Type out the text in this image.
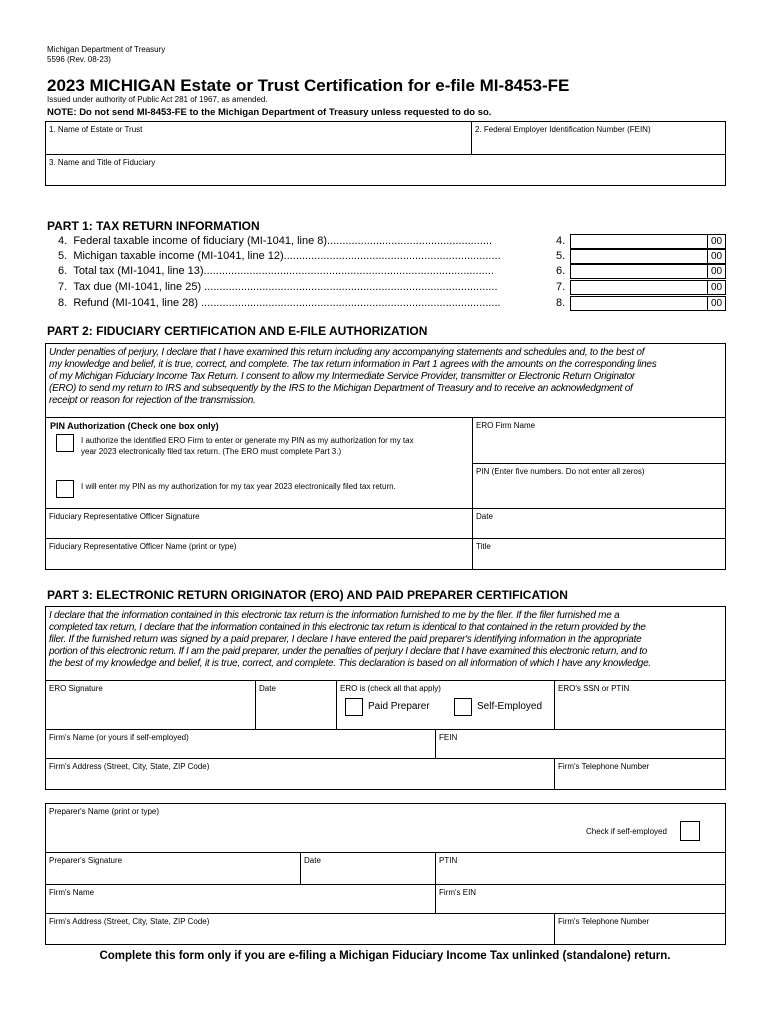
Michigan Department of Treasury
5596 (Rev. 08-23)
2023 MICHIGAN Estate or Trust Certification for e-file MI-8453-FE
Issued under authority of Public Act 281 of 1967, as amended.
NOTE: Do not send MI-8453-FE to the Michigan Department of Treasury unless requested to do so.
1. Name of Estate or Trust	2. Federal Employer Identification Number (FEIN)
3. Name and Title of Fiduciary
PART 1: TAX RETURN INFORMATION
4. Federal taxable income of fiduciary (MI-1041, line 8)......................................................	4.	00
5. Michigan taxable income (MI-1041, line 12).......................................................................	5.	00
6. Total tax (MI-1041, line 13)...............................................................................................	6.	00
7. Tax due (MI-1041, line 25) ................................................................................................	7.	00
8. Refund (MI-1041, line 28) ..................................................................................................	8.	00
PART 2: FIDUCIARY CERTIFICATION AND E-FILE AUTHORIZATION
Under penalties of perjury, I declare that I have examined this return including any accompanying statements and schedules and, to the best of
my knowledge and belief, it is true, correct, and complete. The tax return information in Part 1 agrees with the amounts on the corresponding lines
of my Michigan Fiduciary Income Tax Return. I consent to allow my Intermediate Service Provider, transmitter or Electronic Return Originator
(ERO) to send my return to IRS and subsequently by the IRS to the Michigan Department of Treasury and to receive an acknowledgment of
receipt or reason for rejection of the transmission.
PIN Authorization (Check one box only)
I authorize the identified ERO Firm to enter or generate my PIN as my authorization for my tax
year 2023 electronically filed tax return. (The ERO must complete Part 3.)
I will enter my PIN as my authorization for my tax year 2023 electronically filed tax return.
ERO Firm Name
PIN (Enter five numbers. Do not enter all zeros)
Fiduciary Representative Officer Signature	Date
Fiduciary Representative Officer Name (print or type)	Title
PART 3: ELECTRONIC RETURN ORIGINATOR (ERO) AND PAID PREPARER CERTIFICATION
I declare that the information contained in this electronic tax return is the information furnished to me by the filer. If the filer furnished me a
completed tax return, I declare that the information contained in this electronic tax return is identical to that contained in the return provided by the
filer. If the furnished return was signed by a paid preparer, I declare I have entered the paid preparer's identifying information in the appropriate
portion of this electronic return. If I am the paid preparer, under the penalties of perjury I declare that I have examined this electronic return, and to
the best of my knowledge and belief, it is true, correct, and complete. This declaration is based on all information of which I have any knowledge.
ERO Signature	Date	ERO is (check all that apply)
Paid Preparer	Self-Employed
ERO's SSN or PTIN
Firm's Name (or yours if self-employed)	FEIN
Firm's Address (Street, City, State, ZIP Code)	Firm's Telephone Number
Preparer's Name (print or type)
Check if self-employed
Preparer's Signature	Date	PTIN
Firm's Name	Firm's EIN
Firm's Address (Street, City, State, ZIP Code)	Firm's Telephone Number
Complete this form only if you are e-filing a Michigan Fiduciary Income Tax unlinked (standalone) return.
